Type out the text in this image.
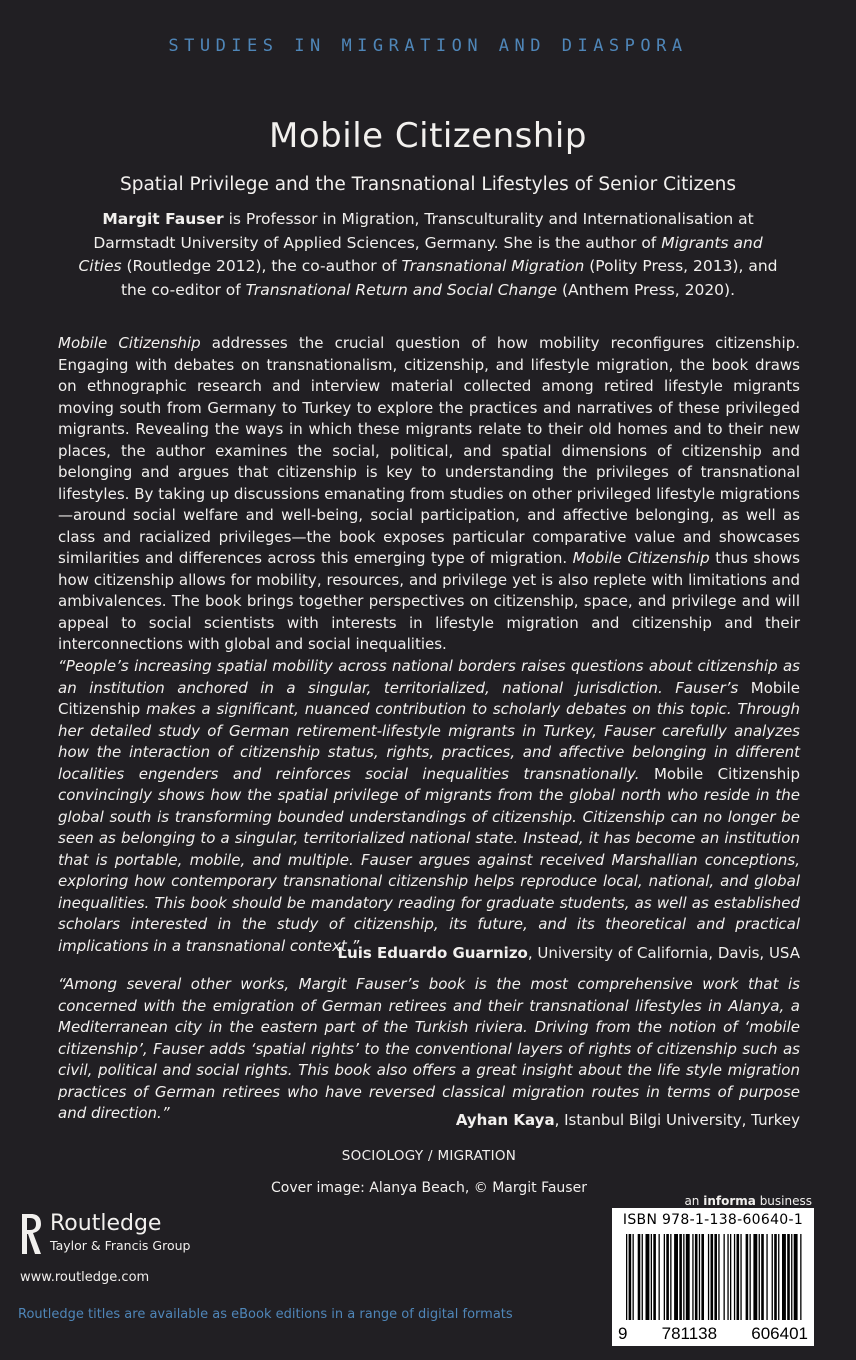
STUDIES IN MIGRATION AND DIASPORA
Mobile Citizenship
Spatial Privilege and the Transnational Lifestyles of Senior Citizens
Margit Fauser is Professor in Migration, Transculturality and Internationalisation at Darmstadt University of Applied Sciences, Germany. She is the author of Migrants and Cities (Routledge 2012), the co-author of Transnational Migration (Polity Press, 2013), and the co-editor of Transnational Return and Social Change (Anthem Press, 2020).
Mobile Citizenship addresses the crucial question of how mobility reconfigures citizenship. Engaging with debates on transnationalism, citizenship, and lifestyle migration, the book draws on ethnographic research and interview material collected among retired lifestyle migrants moving south from Germany to Turkey to explore the practices and narratives of these privileged migrants. Revealing the ways in which these migrants relate to their old homes and to their new places, the author examines the social, political, and spatial dimensions of citizenship and belonging and argues that citizenship is key to understanding the privileges of transnational lifestyles. By taking up discussions emanating from studies on other privileged lifestyle migrations—around social welfare and well-being, social participation, and affective belonging, as well as class and racialized privileges—the book exposes particular comparative value and showcases similarities and differences across this emerging type of migration. Mobile Citizenship thus shows how citizenship allows for mobility, resources, and privilege yet is also replete with limitations and ambivalences. The book brings together perspectives on citizenship, space, and privilege and will appeal to social scientists with interests in lifestyle migration and citizenship and their interconnections with global and social inequalities.
“People’s increasing spatial mobility across national borders raises questions about citizenship as an institution anchored in a singular, territorialized, national jurisdiction. Fauser’s Mobile Citizenship makes a significant, nuanced contribution to scholarly debates on this topic. Through her detailed study of German retirement-lifestyle migrants in Turkey, Fauser carefully analyzes how the interaction of citizenship status, rights, practices, and affective belonging in different localities engenders and reinforces social inequalities transnationally. Mobile Citizenship convincingly shows how the spatial privilege of migrants from the global north who reside in the global south is transforming bounded understandings of citizenship. Citizenship can no longer be seen as belonging to a singular, territorialized national state. Instead, it has become an institution that is portable, mobile, and multiple. Fauser argues against received Marshallian conceptions, exploring how contemporary transnational citizenship helps reproduce local, national, and global inequalities. This book should be mandatory reading for graduate students, as well as established scholars interested in the study of citizenship, its future, and its theoretical and practical implications in a transnational context.”
Luis Eduardo Guarnizo, University of California, Davis, USA
“Among several other works, Margit Fauser’s book is the most comprehensive work that is concerned with the emigration of German retirees and their transnational lifestyles in Alanya, a Mediterranean city in the eastern part of the Turkish riviera. Driving from the notion of ‘mobile citizenship’, Fauser adds ‘spatial rights’ to the conventional layers of rights of citizenship such as civil, political and social rights. This book also offers a great insight about the life style migration practices of German retirees who have reversed classical migration routes in terms of purpose and direction.”	Ayhan Kaya, Istanbul Bilgi University, Turkey
SOCIOLOGY / MIGRATION
Cover image: Alanya Beach, © Margit Fauser
Routledge
Taylor & Francis Group
www.routledge.com
Routledge titles are available as eBook editions in a range of digital formats
an informa business
ISBN 978-1-138-60640-1
9 781138 606401
